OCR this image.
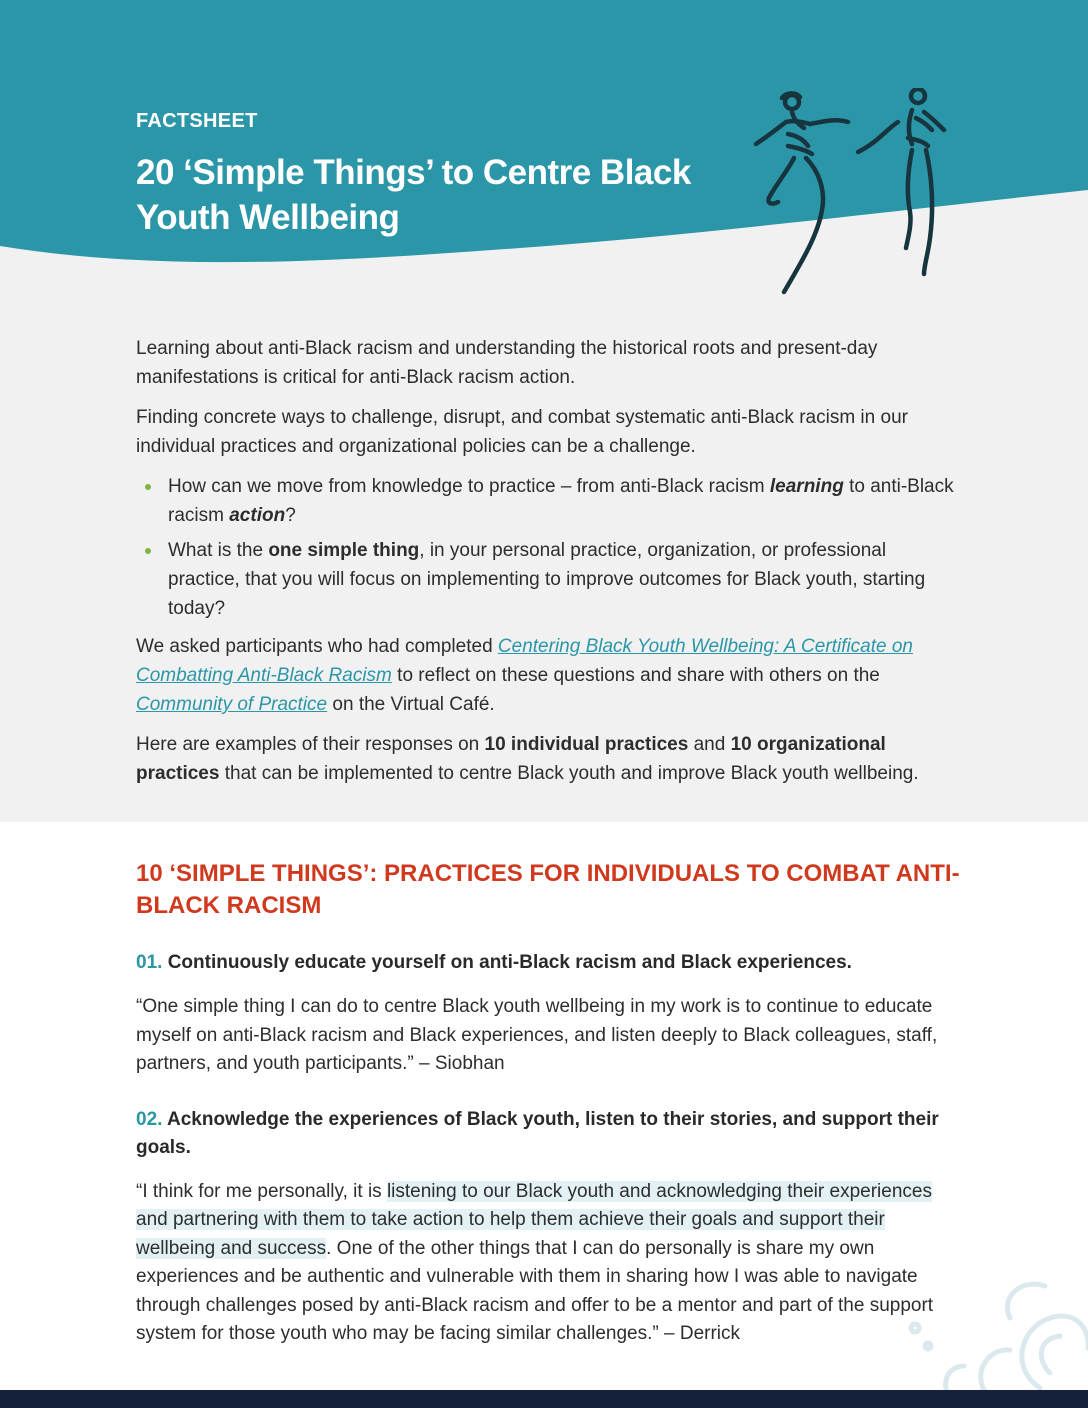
FACTSHEET

20 ‘Simple Things’ to Centre Black Youth Wellbeing

Learning about anti-Black racism and understanding the historical roots and present-day manifestations is critical for anti-Black racism action.

Finding concrete ways to challenge, disrupt, and combat systematic anti-Black racism in our individual practices and organizational policies can be a challenge.

How can we move from knowledge to practice – from anti-Black racism learning to anti-Black racism action?
What is the one simple thing, in your personal practice, organization, or professional practice, that you will focus on implementing to improve outcomes for Black youth, starting today?

We asked participants who had completed Centering Black Youth Wellbeing: A Certificate on Combatting Anti-Black Racism to reflect on these questions and share with others on the Community of Practice on the Virtual Café.

Here are examples of their responses on 10 individual practices and 10 organizational practices that can be implemented to centre Black youth and improve Black youth wellbeing.

10 ‘SIMPLE THINGS’: PRACTICES FOR INDIVIDUALS TO COMBAT ANTI-BLACK RACISM

01. Continuously educate yourself on anti-Black racism and Black experiences.

“One simple thing I can do to centre Black youth wellbeing in my work is to continue to educate myself on anti-Black racism and Black experiences, and listen deeply to Black colleagues, staff, partners, and youth participants.” – Siobhan

02. Acknowledge the experiences of Black youth, listen to their stories, and support their goals.

“I think for me personally, it is listening to our Black youth and acknowledging their experiences and partnering with them to take action to help them achieve their goals and support their wellbeing and success. One of the other things that I can do personally is share my own experiences and be authentic and vulnerable with them in sharing how I was able to navigate through challenges posed by anti-Black racism and offer to be a mentor and part of the support system for those youth who may be facing similar challenges.” – Derrick
